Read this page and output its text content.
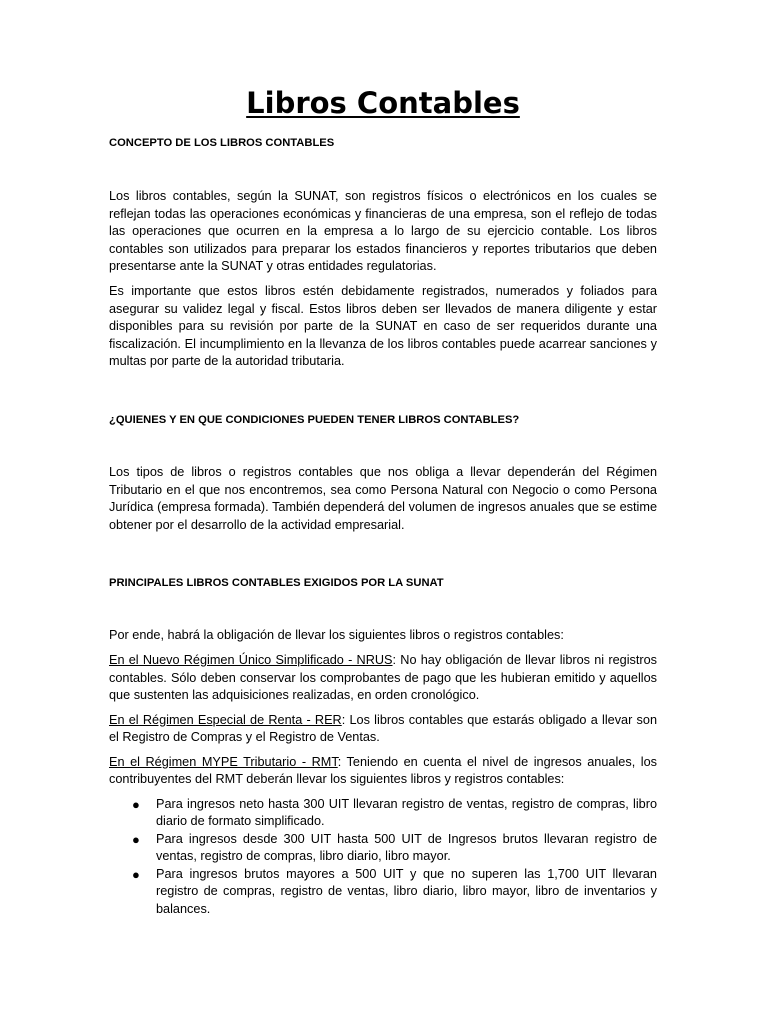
Libros Contables
CONCEPTO DE LOS LIBROS CONTABLES

Los libros contables, según la SUNAT, son registros físicos o electrónicos en los cuales se reflejan todas las operaciones económicas y financieras de una empresa, son el reflejo de todas las operaciones que ocurren en la empresa a lo largo de su ejercicio contable. Los libros contables son utilizados para preparar los estados financieros y reportes tributarios que deben presentarse ante la SUNAT y otras entidades regulatorias.

Es importante que estos libros estén debidamente registrados, numerados y foliados para asegurar su validez legal y fiscal. Estos libros deben ser llevados de manera diligente y estar disponibles para su revisión por parte de la SUNAT en caso de ser requeridos durante una fiscalización. El incumplimiento en la llevanza de los libros contables puede acarrear sanciones y multas por parte de la autoridad tributaria.

¿QUIENES Y EN QUE CONDICIONES PUEDEN TENER LIBROS CONTABLES?

Los tipos de libros o registros contables que nos obliga a llevar dependerán del Régimen Tributario en el que nos encontremos, sea como Persona Natural con Negocio o como Persona Jurídica (empresa formada). También dependerá del volumen de ingresos anuales que se estime obtener por el desarrollo de la actividad empresarial.

PRINCIPALES LIBROS CONTABLES EXIGIDOS POR LA SUNAT

Por ende, habrá la obligación de llevar los siguientes libros o registros contables:

En el Nuevo Régimen Único Simplificado - NRUS: No hay obligación de llevar libros ni registros contables. Sólo deben conservar los comprobantes de pago que les hubieran emitido y aquellos que sustenten las adquisiciones realizadas, en orden cronológico.

En el Régimen Especial de Renta - RER: Los libros contables que estarás obligado a llevar son el Registro de Compras y el Registro de Ventas.

En el Régimen MYPE Tributario - RMT: Teniendo en cuenta el nivel de ingresos anuales, los contribuyentes del RMT deberán llevar los siguientes libros y registros contables:

● Para ingresos neto hasta 300 UIT llevaran registro de ventas, registro de compras, libro diario de formato simplificado.
● Para ingresos desde 300 UIT hasta 500 UIT de Ingresos brutos llevaran registro de ventas, registro de compras, libro diario, libro mayor.
● Para ingresos brutos mayores a 500 UIT y que no superen las 1,700 UIT llevaran registro de compras, registro de ventas, libro diario, libro mayor, libro de inventarios y balances.
